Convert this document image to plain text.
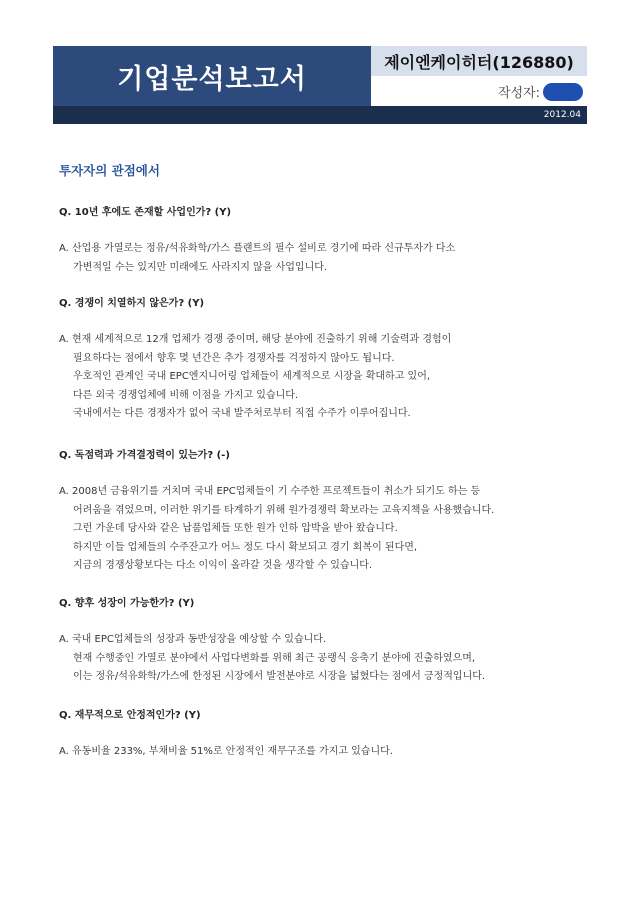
기업분석보고서
제이엔케이히터(126880)
작성자:
2012.04
투자자의 관점에서

Q. 10년 후에도 존재할 사업인가? (Y)

A. 산업용 가열로는 정유/석유화학/가스 플랜트의 필수 설비로 경기에 따라 신규투자가 다소

가변적일 수는 있지만 미래에도 사라지지 않을 사업입니다.

Q. 경쟁이 치열하지 않은가? (Y)

A. 현재 세계적으로 12개 업체가 경쟁 중이며, 해당 분야에 진출하기 위해 기술력과 경험이

필요하다는 점에서 향후 몇 년간은 추가 경쟁자를 걱정하지 않아도 됩니다.

우호적인 관계인 국내 EPC엔지니어링 업체들이 세계적으로 시장을 확대하고 있어,

다른 외국 경쟁업체에 비해 이점을 가지고 있습니다.

국내에서는 다른 경쟁자가 없어 국내 발주처로부터 직접 수주가 이루어집니다.

Q. 독점력과 가격결정력이 있는가? (-)

A. 2008년 금융위기를 거치며 국내 EPC업체들이 기 수주한 프로젝트들이 취소가 되기도 하는 등

어려움을 겪었으며, 이러한 위기를 타계하기 위해 원가경쟁력 확보라는 고육지책을 사용했습니다.

그런 가운데 당사와 같은 납품업체들 또한 원가 인하 압박을 받아 왔습니다.

하지만 이들 업체들의 수주잔고가 어느 정도 다시 확보되고 경기 회복이 된다면,

지금의 경쟁상황보다는 다소 이익이 올라갈 것을 생각할 수 있습니다.

Q. 향후 성장이 가능한가? (Y)

A. 국내 EPC업체들의 성장과 동반성장을 예상할 수 있습니다.

현재 수행중인 가열로 분야에서 사업다변화를 위해 최근 공랭식 응축기 분야에 진출하였으며,

이는 정유/석유화학/가스에 한정된 시장에서 발전분야로 시장을 넓혔다는 점에서 긍정적입니다.

Q. 재무적으로 안정적인가? (Y)

A. 유동비율 233%, 부채비율 51%로 안정적인 재무구조를 가지고 있습니다.
